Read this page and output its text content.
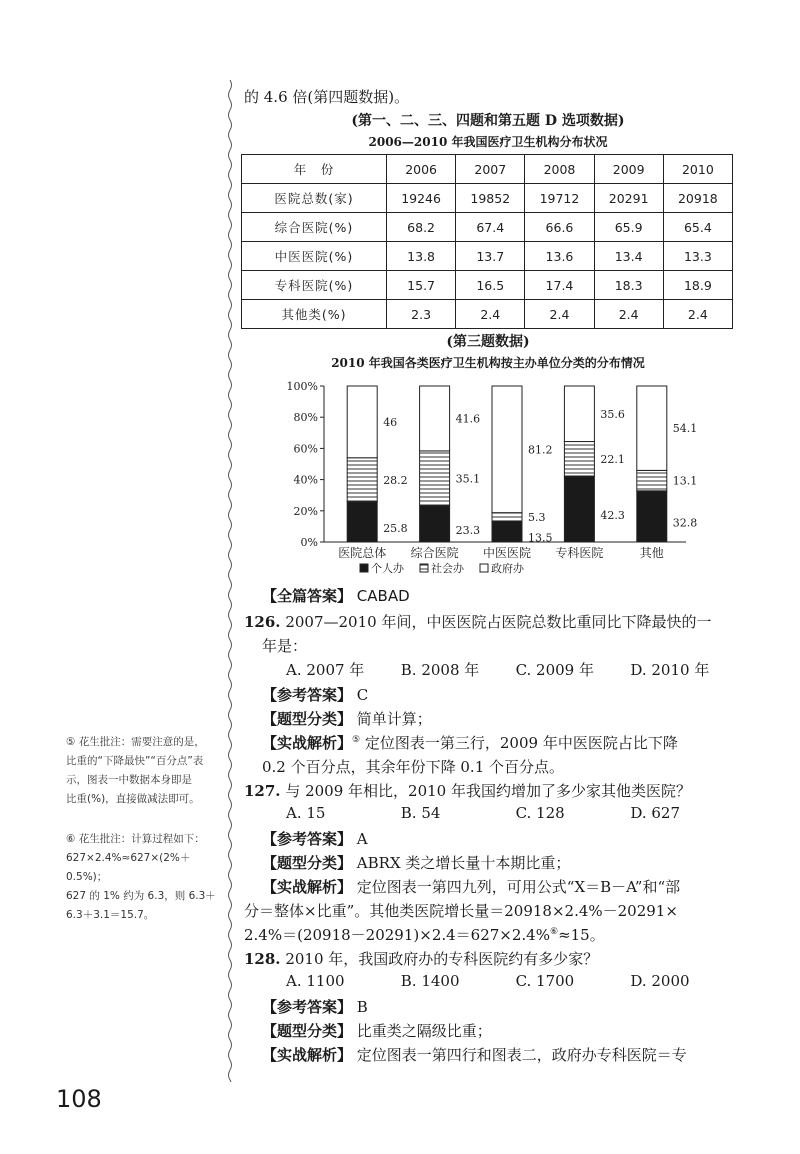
的 4.6 倍(第四题数据)。
(第一、二、三、四题和第五题 D 选项数据)
2006—2010 年我国医疗卫生机构分布状况
年　份	2006	2007	2008	2009	2010
医院总数(家)	19246	19852	19712	20291	20918
综合医院(%)	68.2	67.4	66.6	65.9	65.4
中医医院(%)	13.8	13.7	13.6	13.4	13.3
专科医院(%)	15.7	16.5	17.4	18.3	18.9
其他类(%)	2.3	2.4	2.4	2.4	2.4
(第三题数据)
2010 年我国各类医疗卫生机构按主办单位分类的分布情况
0%
20%
40%
60%
80%
100%
25.8
28.2
46
医院总体
23.3
35.1
41.6
综合医院
13.5
5.3
81.2
中医医院
42.3
22.1
35.6
专科医院
32.8
13.1
54.1
其他
个人办 社会办 政府办
【全篇答案】 CABAD
126. 2007—2010 年间，中医医院占医院总数比重同比下降最快的一
年是：
A. 2007 年 B. 2008 年 C. 2009 年 D. 2010 年
【参考答案】 C
【题型分类】 简单计算；
【实战解析】⑤ 定位图表一第三行，2009 年中医医院占比下降
0.2 个百分点，其余年份下降 0.1 个百分点。
127. 与 2009 年相比，2010 年我国约增加了多少家其他类医院？
A. 15	B. 54	C. 128	D. 627
【参考答案】 A
【题型分类】 ABRX 类之增长量十本期比重；
【实战解析】 定位图表一第四九列，可用公式“X＝B－A”和“部
分＝整体×比重”。其他类医院增长量＝20918×2.4%－20291×
2.4%＝(20918－20291)×2.4＝627×2.4%⑥≈15。
128. 2010 年，我国政府办的专科医院约有多少家？
A. 1100	B. 1400	C. 1700	D. 2000
【参考答案】 B
【题型分类】 比重类之隔级比重；
【实战解析】 定位图表一第四行和图表二，政府办专科医院＝专
⑤ 花生批注：需要注意的是，
比重的“下降最快”“百分点”表
示，图表一中数据本身即是
比重(%)，直接做减法即可。
⑥ 花生批注：计算过程如下：
627×2.4%≈627×(2%＋
0.5%)；
627 的 1% 约为 6.3，则 6.3＋
6.3＋3.1＝15.7。
108
